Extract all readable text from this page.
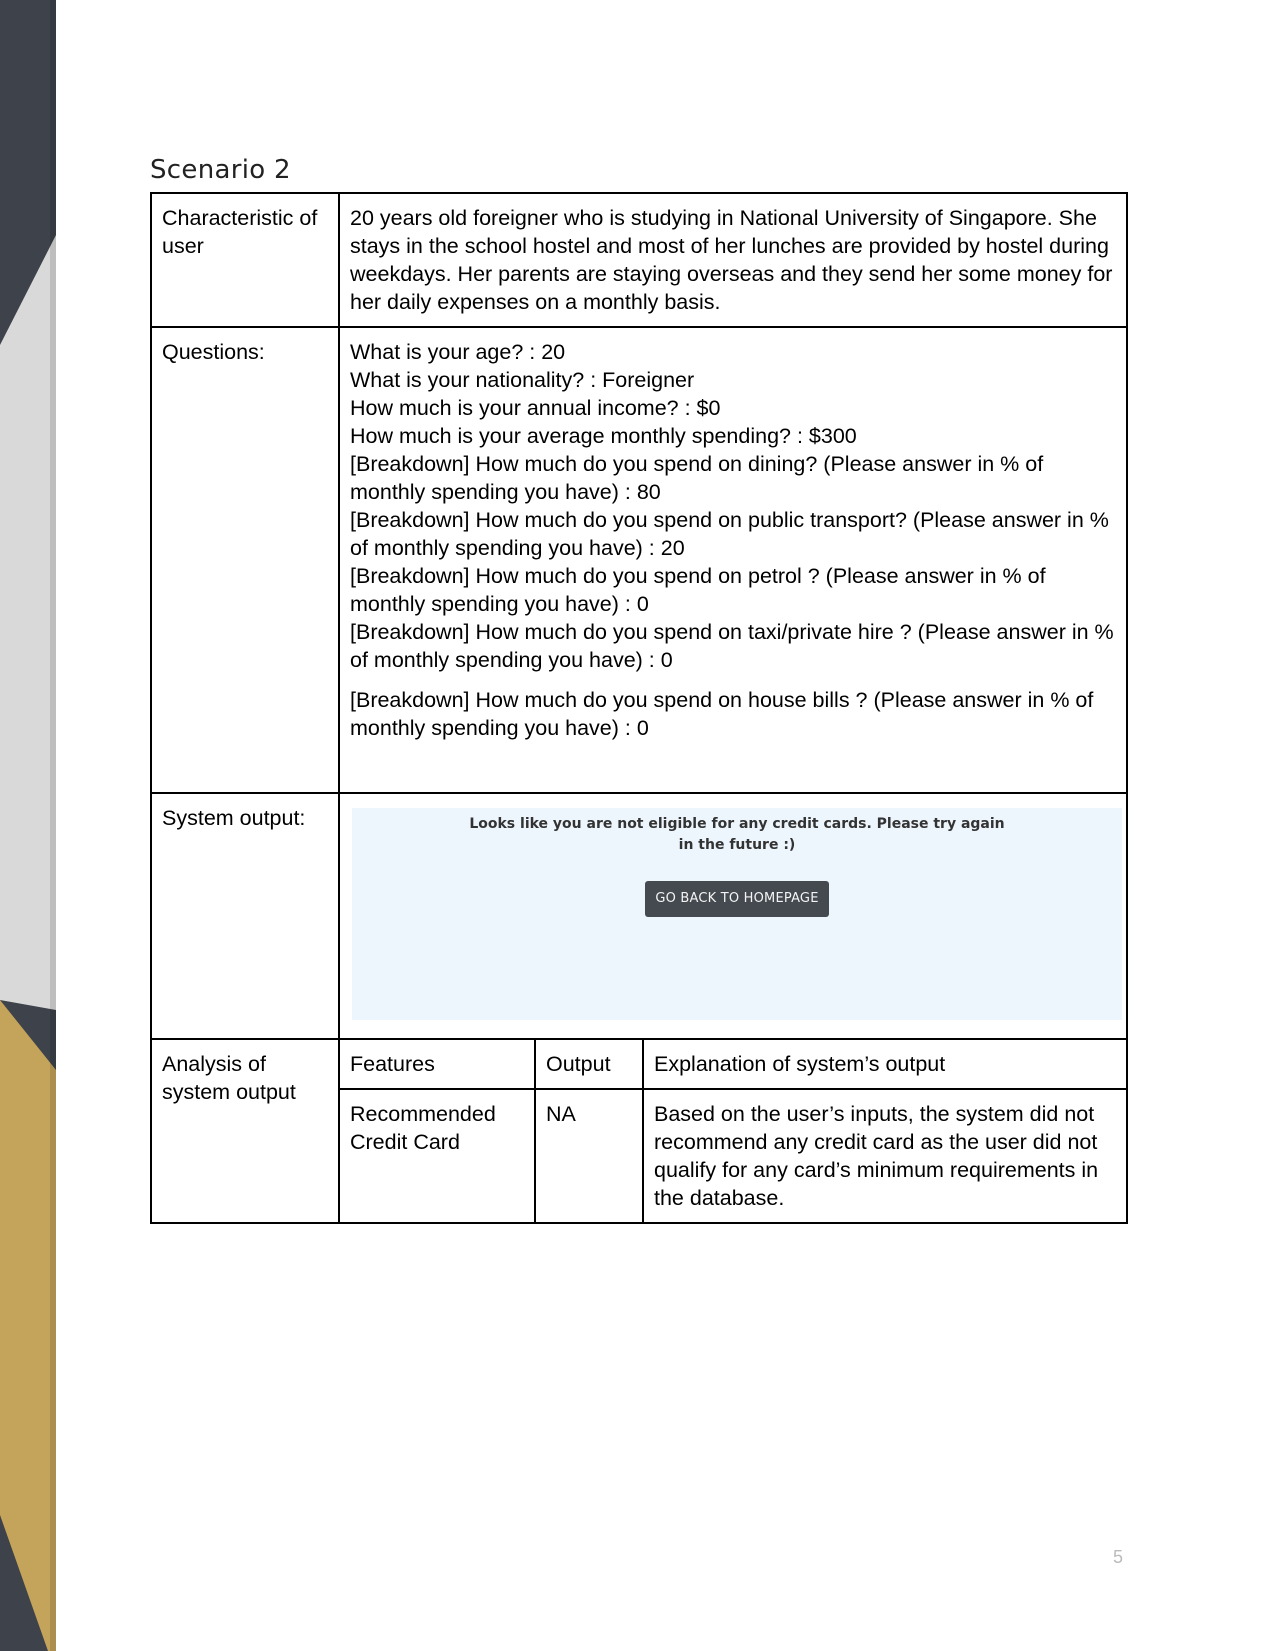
Scenario 2
Characteristic of user	20 years old foreigner who is studying in National University of Singapore. She stays in the school hostel and most of her lunches are provided by hostel during weekdays. Her parents are staying overseas and they send her some money for her daily expenses on a monthly basis.
Questions:	What is your age? : 20
What is your nationality? : Foreigner
How much is your annual income? : $0
How much is your average monthly spending? : $300
[Breakdown] How much do you spend on dining? (Please answer in % of monthly spending you have) : 80
[Breakdown] How much do you spend on public transport? (Please answer in % of monthly spending you have) : 20
[Breakdown] How much do you spend on petrol ? (Please answer in % of monthly spending you have) : 0
[Breakdown] How much do you spend on taxi/private hire ? (Please answer in % of monthly spending you have) : 0
[Breakdown] How much do you spend on house bills ? (Please answer in % of monthly spending you have) : 0

System output:	Looks like you are not eligible for any credit cards. Please try again in the future :)
GO BACK TO HOMEPAGE

Analysis of system output	
Features	Output	Explanation of system’s output
Recommended Credit Card	NA	Based on the user’s inputs, the system did not recommend any credit card as the user did not qualify for any card’s minimum requirements in the database.
5
